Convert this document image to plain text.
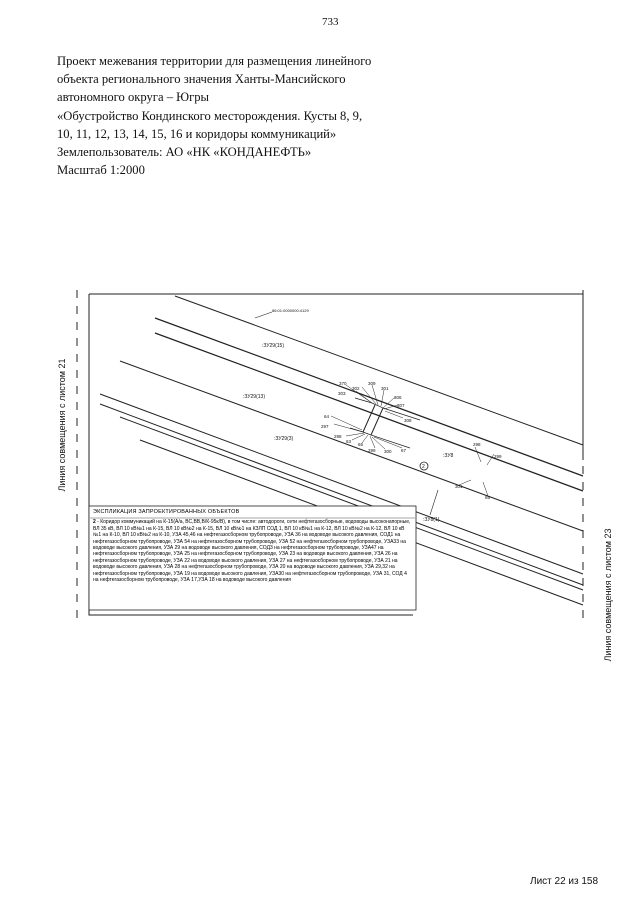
733
Проект межевания территории для размещения линейного
объекта регионального значения Ханты-Мансийского
автономного округа – Югры
«Обустройство Кондинского месторождения. Кусты 8, 9,
10, 11, 12, 13, 14, 15, 16 и коридоры коммуникаций»
Землепользователь: АО «НК «КОНДАНЕФТЬ»
Масштаб 1:2000
86:01:0000000:4129
:ЗУ29(15)
:ЗУ29(13)
:ЗУ29(3)
:ЗУ8
:ЗУ8(1)
370
302
303
309
301
306
307
308
64
297
298
63
65
299 300 67
298
299
301
65
2
ЭКСПЛИКАЦИЯ ЗАПРОЕКТИРОВАННЫХ ОБЪЕКТОВ
2 - Коридор коммуникаций на К-15(А/а, ВС,ВВ,В/К-95к/В), в том числе: автодороги, сети нефтегазосборные, водоводы высоконапорные, ВЛ 35 кВ, ВЛ 10 кВ№1 на К-15, ВЛ 10 кВ№2 на К-15, ВЛ 10 кВ№1 на КЗЛП СОД 1, ВЛ 10 кВ№1 на К-12, ВЛ 10 кВ№2 на К-12, ВЛ 10 кВ №1 на К-10, ВЛ 10 кВ№2 на К-10, УЗА 45,46 на нефтегазосборном трубопроводе, УЗА 36 на водоводе высокого давления, СОД1 на нефтегазосборном трубопроводе, УЗА 54 на нефтегазосборном трубопроводе, УЗА 52 на нефтегазосборном трубопроводе, УЗА33 на водоводе высокого давления, УЗА 29 на водоводе высокого давления, СОД3 на нефтегазосборном трубопроводе, УЗА47 на нефтегазосборном трубопроводе, УЗА 25 на нефтегазосборном трубопроводе, УЗА 23 на водоводе высокого давления, УЗА 26 на нефтегазосборном трубопроводе, УЗА 22 на водоводе высокого давления, УЗА 27 на нефтегазосборном трубопроводе, УЗА 21 на водоводе высокого давления, УЗА 28 на нефтегазосборном трубопроводе, УЗА 20 на водоводе высокого давления, УЗА 29,32 на нефтегазосборном трубопроводе, УЗА 19 на водоводе высокого давления, УЗА30 на нефтегазосборном трубопроводе, УЗА 31, СОД 4 на нефтегазосборном трубопроводе, УЗА 17,УЗА 18 на водоводе высокого давления
Линия совмещения с листом 21
Линия совмещения с листом 23
Лист 22 из 158
